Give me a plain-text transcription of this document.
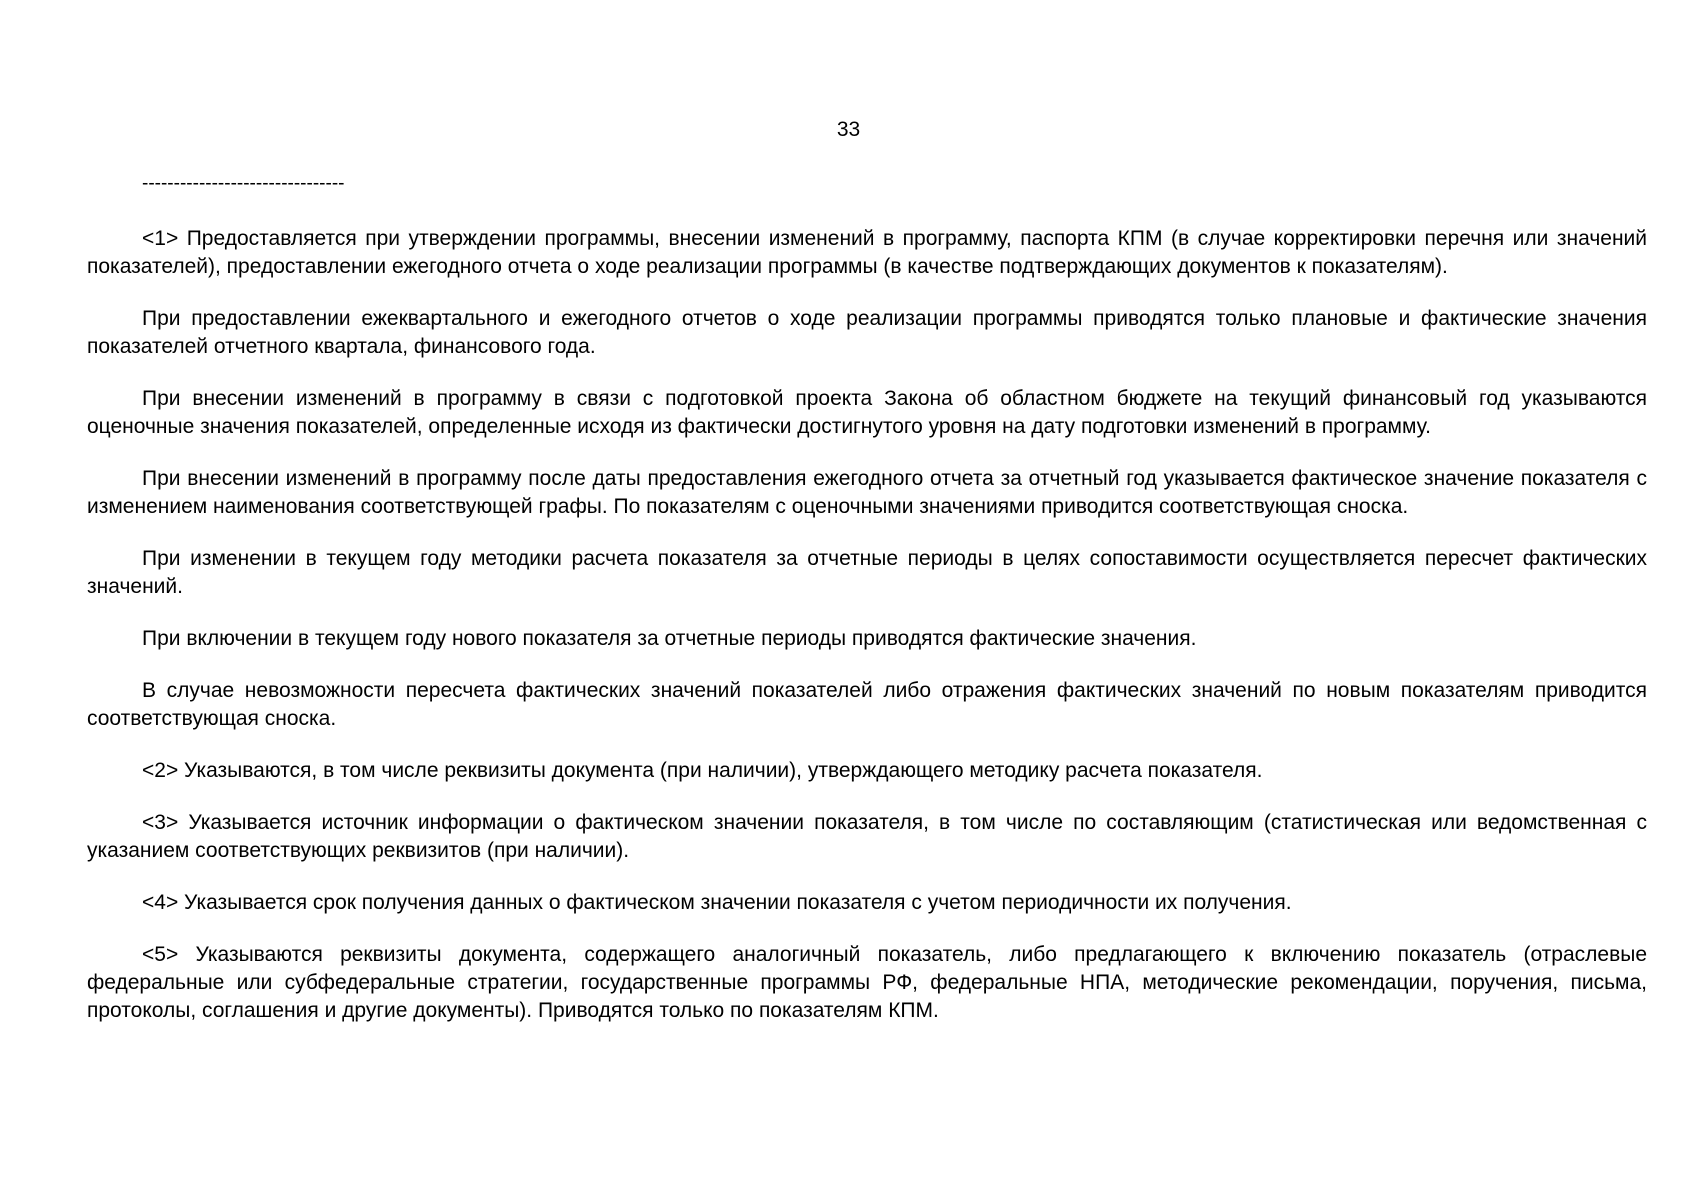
33
--------------------------------

<1> Предоставляется при утверждении программы, внесении изменений в программу, паспорта КПМ (в случае корректировки перечня или значений показателей), предоставлении ежегодного отчета о ходе реализации программы (в качестве подтверждающих документов к показателям).

При предоставлении ежеквартального и ежегодного отчетов о ходе реализации программы приводятся только плановые и фактические значения показателей отчетного квартала, финансового года.

При внесении изменений в программу в связи с подготовкой проекта Закона об областном бюджете на текущий финансовый год указываются оценочные значения показателей, определенные исходя из фактически достигнутого уровня на дату подготовки изменений в программу.

При внесении изменений в программу после даты предоставления ежегодного отчета за отчетный год указывается фактическое значение показателя с изменением наименования соответствующей графы. По показателям с оценочными значениями приводится соответствующая сноска.

При изменении в текущем году методики расчета показателя за отчетные периоды в целях сопоставимости осуществляется пересчет фактических значений.

При включении в текущем году нового показателя за отчетные периоды приводятся фактические значения.

В случае невозможности пересчета фактических значений показателей либо отражения фактических значений по новым показателям приводится соответствующая сноска.

<2> Указываются, в том числе реквизиты документа (при наличии), утверждающего методику расчета показателя.

<3> Указывается источник информации о фактическом значении показателя, в том числе по составляющим (статистическая или ведомственная с указанием соответствующих реквизитов (при наличии).

<4> Указывается срок получения данных о фактическом значении показателя с учетом периодичности их получения.

<5> Указываются реквизиты документа, содержащего аналогичный показатель, либо предлагающего к включению показатель (отраслевые федеральные или субфедеральные стратегии, государственные программы РФ, федеральные НПА, методические рекомендации, поручения, письма, протоколы, соглашения и другие документы). Приводятся только по показателям КПМ.
